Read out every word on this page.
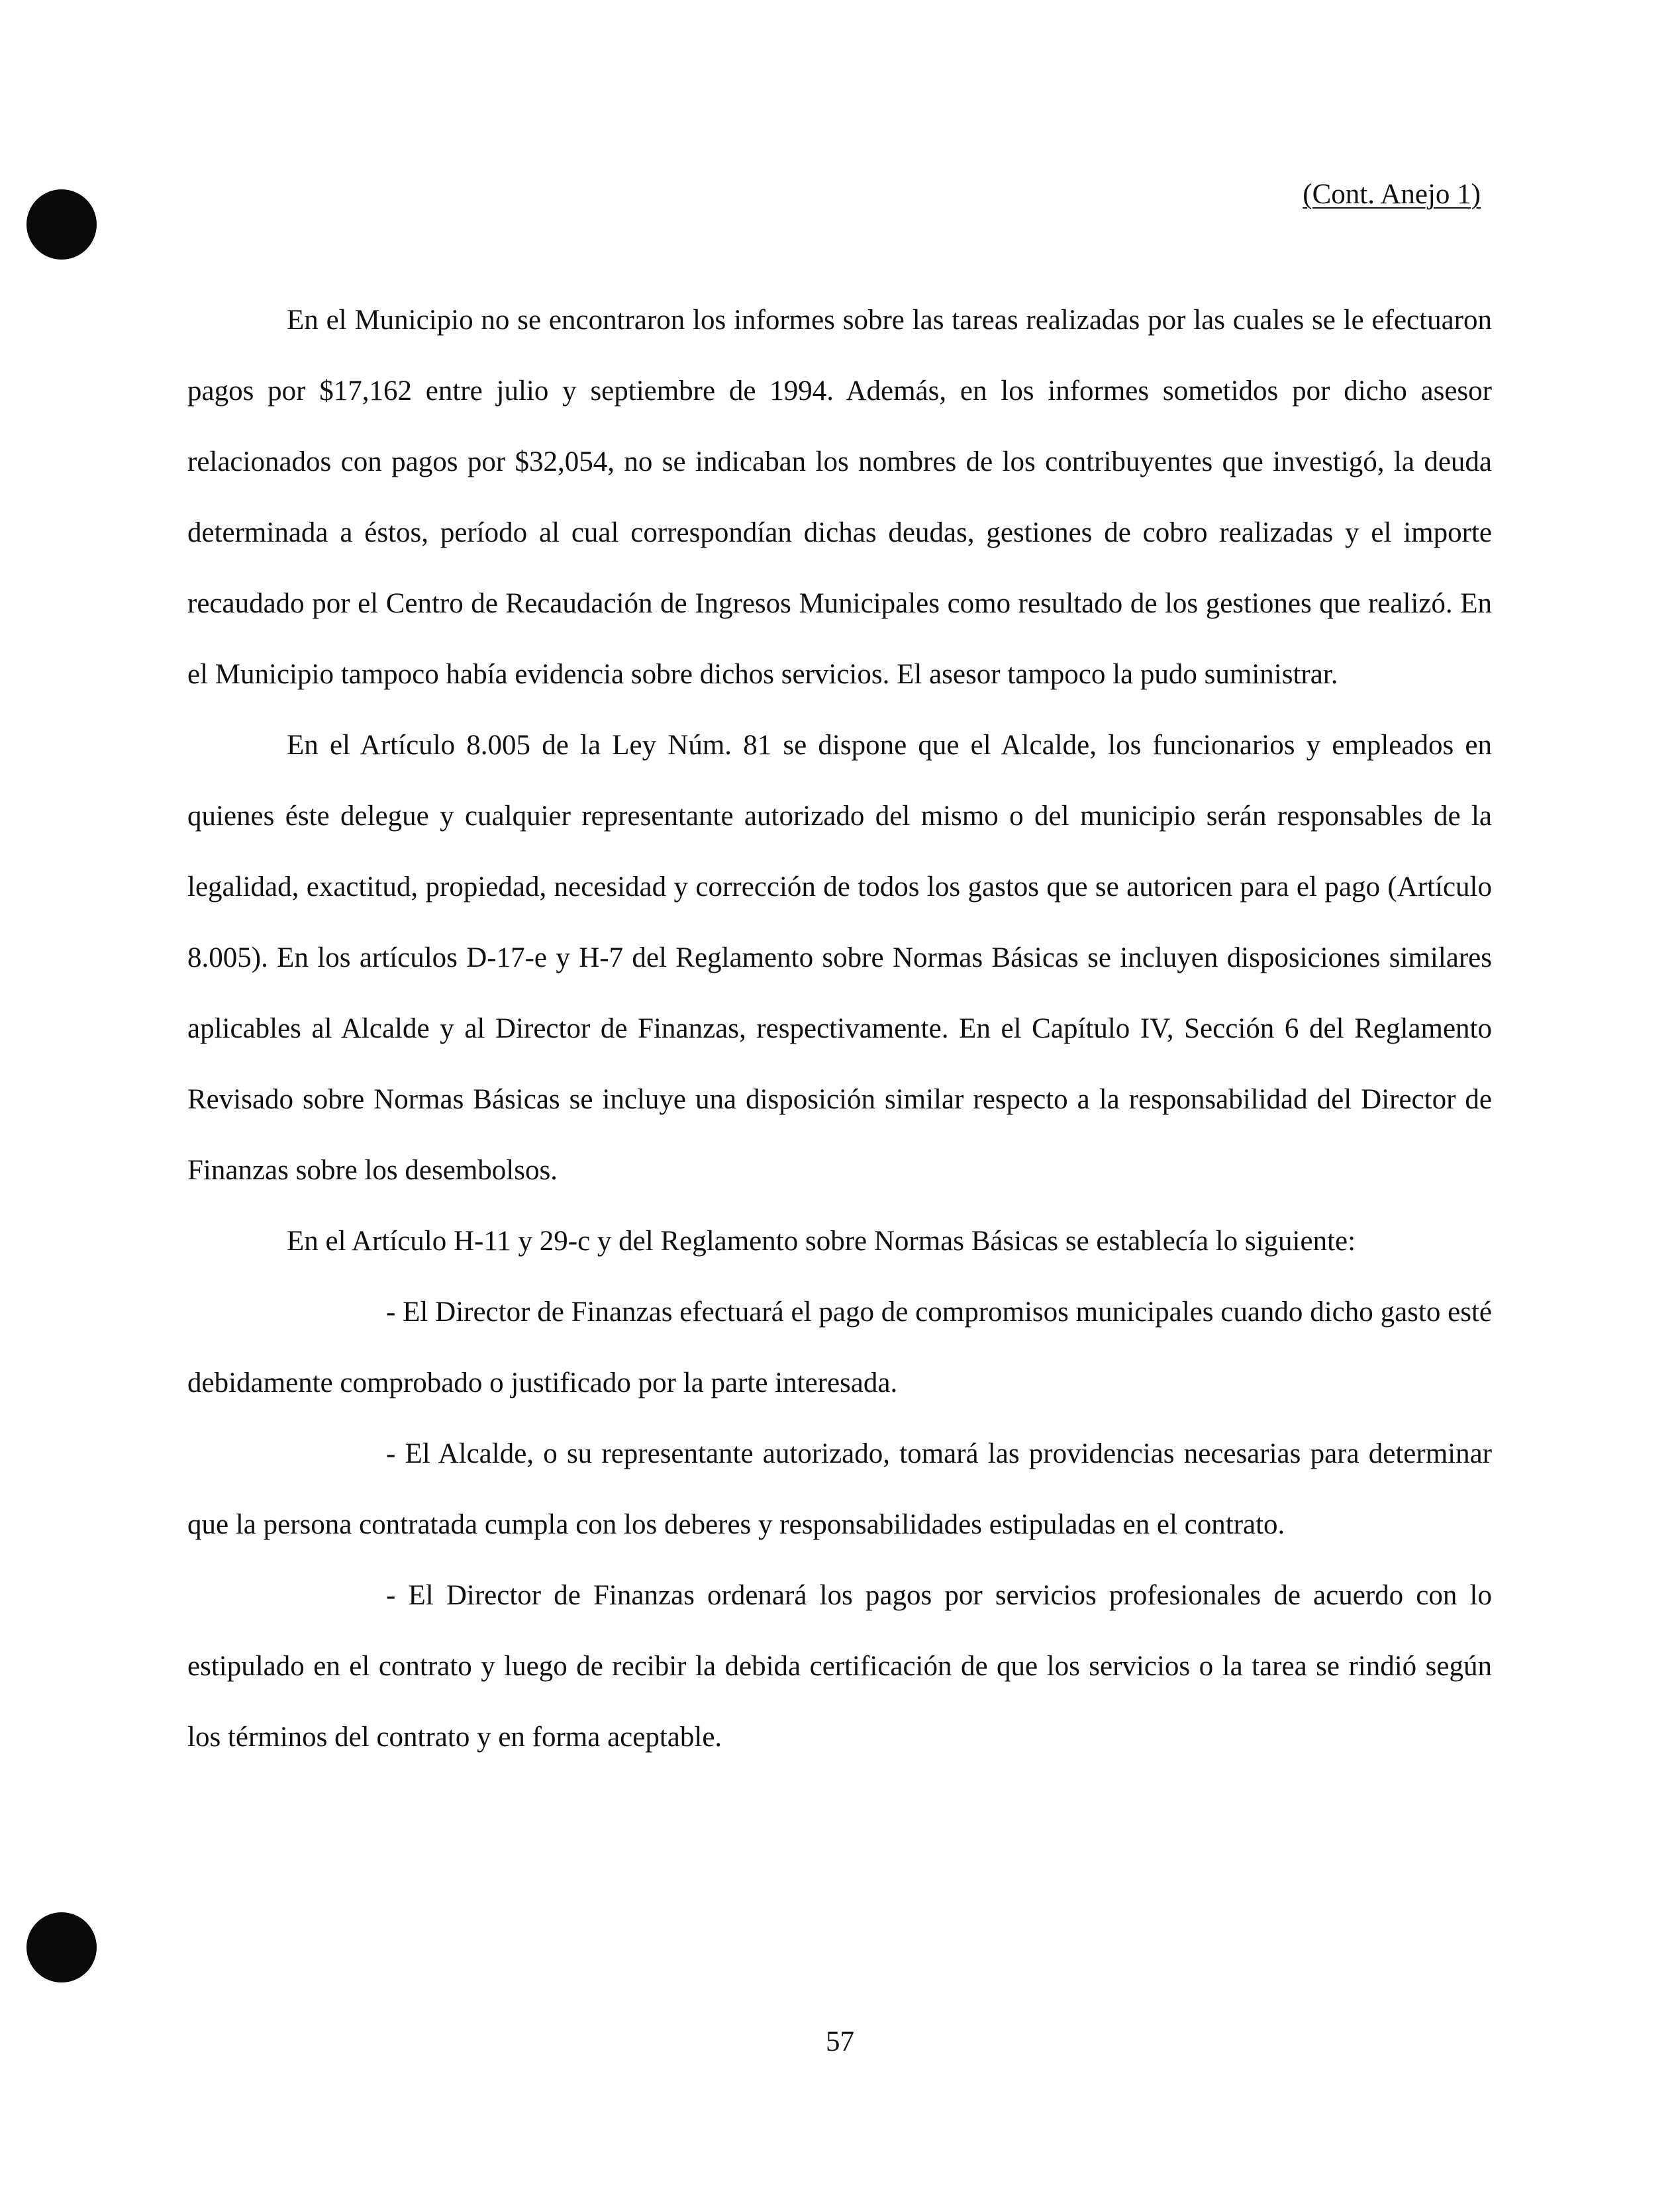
(Cont. Anejo 1)

En el Municipio no se encontraron los informes sobre las tareas realizadas por las cuales se le efectuaron pagos por $17,162 entre julio y septiembre de 1994. Además, en los informes sometidos por dicho asesor relacionados con pagos por $32,054, no se indicaban los nombres de los contribuyentes que investigó, la deuda determinada a éstos, período al cual correspondían dichas deudas, gestiones de cobro realizadas y el importe recaudado por el Centro de Recaudación de Ingresos Municipales como resultado de los gestiones que realizó. En el Municipio tampoco había evidencia sobre dichos servicios. El asesor tampoco la pudo suministrar.

En el Artículo 8.005 de la Ley Núm. 81 se dispone que el Alcalde, los funcionarios y empleados en quienes éste delegue y cualquier representante autorizado del mismo o del municipio serán responsables de la legalidad, exactitud, propiedad, necesidad y corrección de todos los gastos que se autoricen para el pago (Artículo 8.005). En los artículos D-17-e y H-7 del Reglamento sobre Normas Básicas se incluyen disposiciones similares aplicables al Alcalde y al Director de Finanzas, respectivamente. En el Capítulo IV, Sección 6 del Reglamento Revisado sobre Normas Básicas se incluye una disposición similar respecto a la responsabilidad del Director de Finanzas sobre los desembolsos.

En el Artículo H-11 y 29-c y del Reglamento sobre Normas Básicas se establecía lo siguiente:

- El Director de Finanzas efectuará el pago de compromisos municipales cuando dicho gasto esté debidamente comprobado o justificado por la parte interesada.

- El Alcalde, o su representante autorizado, tomará las providencias necesarias para determinar que la persona contratada cumpla con los deberes y responsabilidades estipuladas en el contrato.

- El Director de Finanzas ordenará los pagos por servicios profesionales de acuerdo con lo estipulado en el contrato y luego de recibir la debida certificación de que los servicios o la tarea se rindió según los términos del contrato y en forma aceptable.

57
